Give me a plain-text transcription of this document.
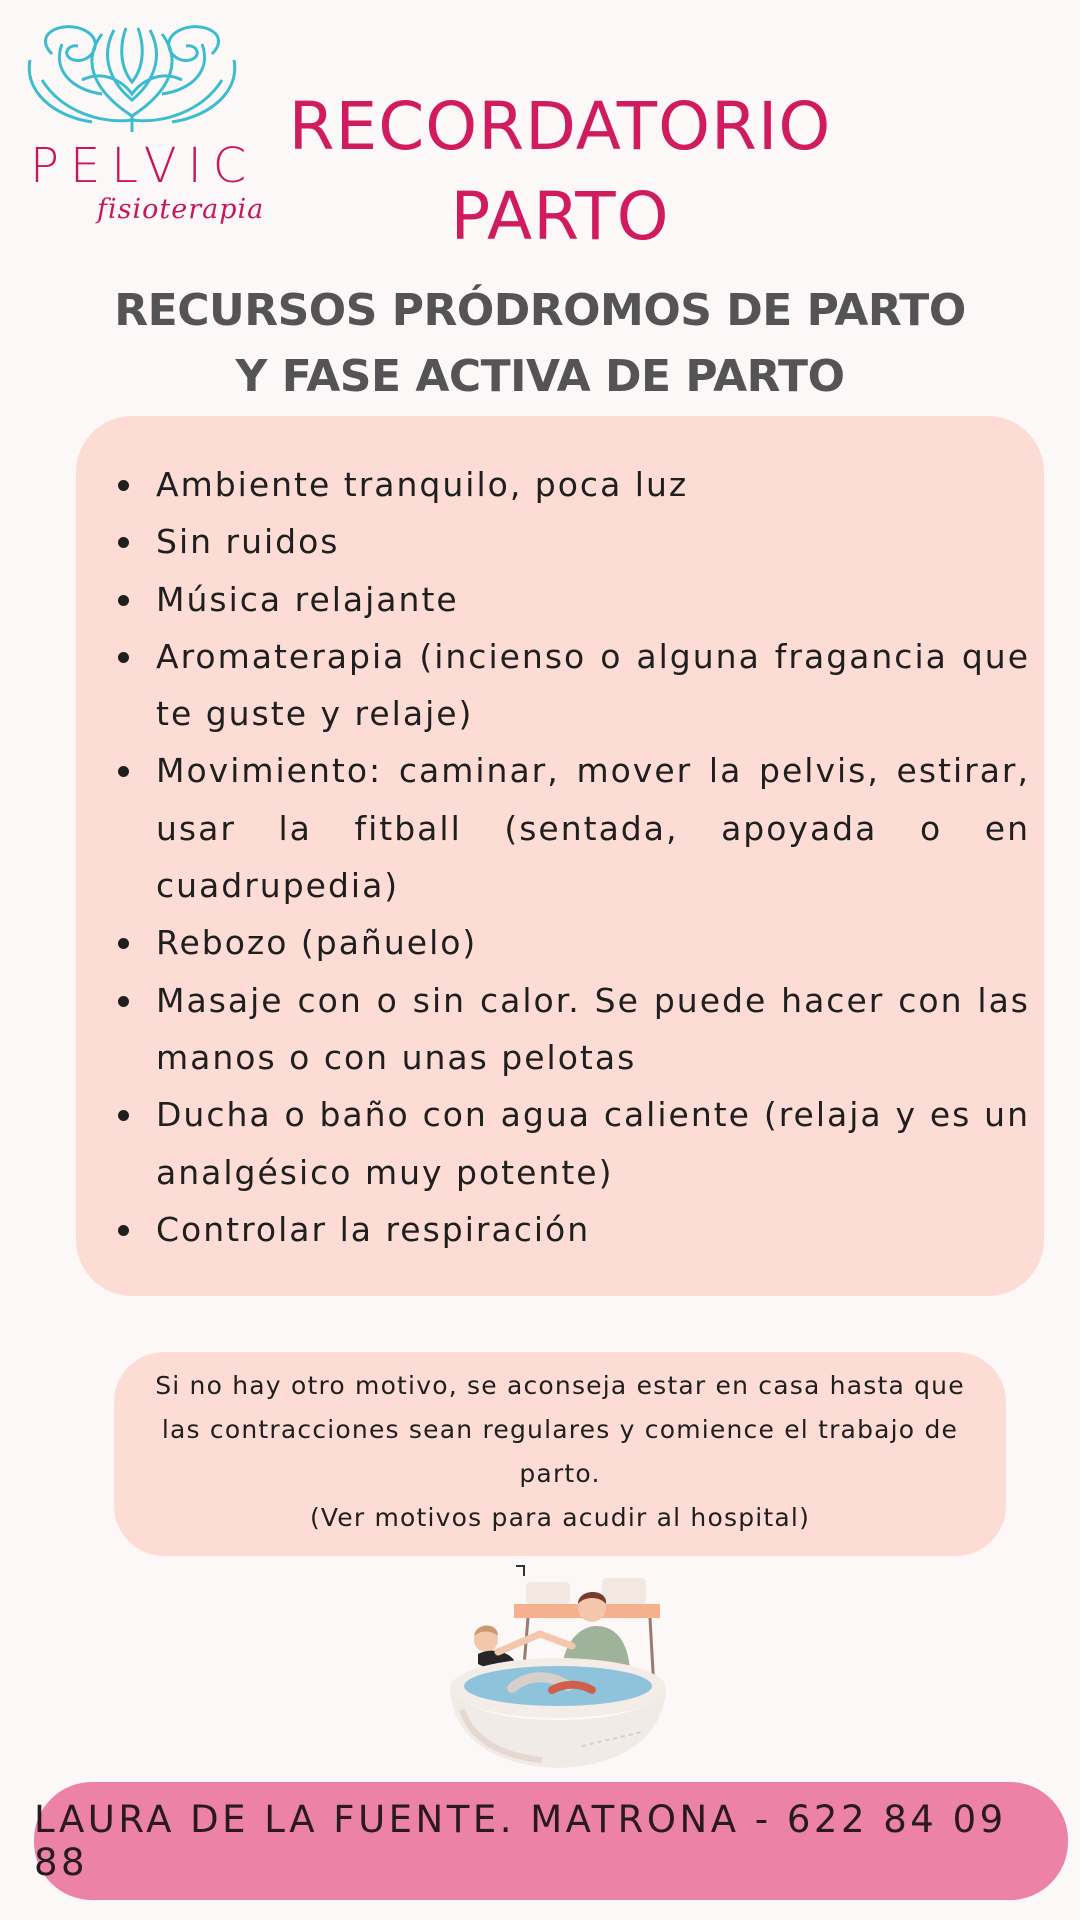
PELVIC
fisioterapia
RECORDATORIO
PARTO
RECURSOS PRÓDROMOS DE PARTO
Y FASE ACTIVA DE PARTO
Ambiente tranquilo, poca luz
Sin ruidos
Música relajante
Aromaterapia (incienso o alguna fragancia que te guste y relaje)
Movimiento: caminar, mover la pelvis, estirar, usar la fitball (sentada, apoyada o en cuadrupedia)
Rebozo (pañuelo)
Masaje con o sin calor. Se puede hacer con las manos o con unas pelotas
Ducha o baño con agua caliente (relaja y es un analgésico muy potente)
Controlar la respiración

Si no hay otro motivo, se aconseja estar en casa hasta que las contracciones sean regulares y comience el trabajo de parto.

(Ver motivos para acudir al hospital)

LAURA DE LA FUENTE. MATRONA - 622 84 09 88
